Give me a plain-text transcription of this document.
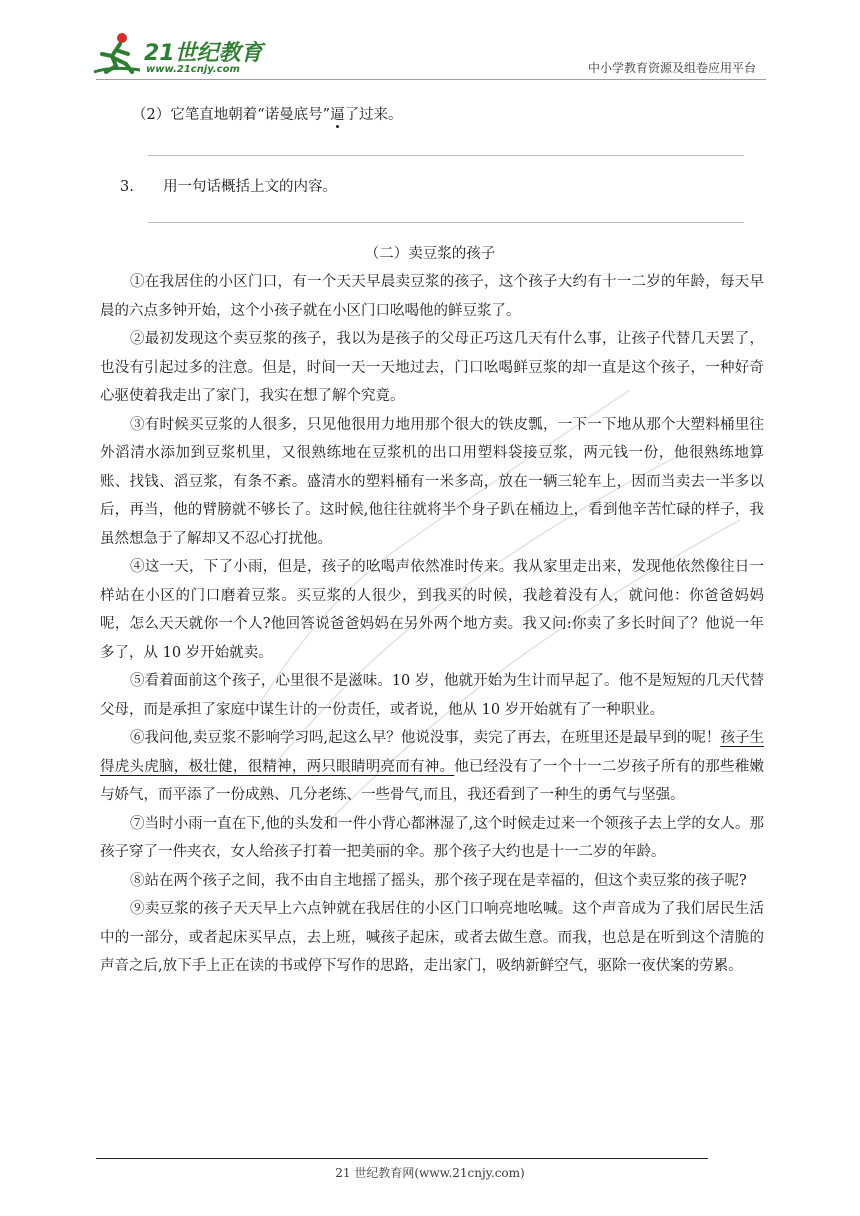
21世纪教育
www.21cnjy.com	中小学教育资源及组卷应用平台
（2）它笔直地朝着“诺曼底号”逼了过来。
3. 用一句话概括上文的内容。
（二）卖豆浆的孩子

①在我居住的小区门口，有一个天天早晨卖豆浆的孩子，这个孩子大约有十一二岁的年龄，每天早晨的六点多钟开始，这个小孩子就在小区门口吆喝他的鲜豆浆了。

②最初发现这个卖豆浆的孩子，我以为是孩子的父母正巧这几天有什么事，让孩子代替几天罢了，也没有引起过多的注意。但是，时间一天一天地过去，门口吆喝鲜豆浆的却一直是这个孩子，一种好奇心驱使着我走出了家门，我实在想了解个究竟。

③有时候买豆浆的人很多，只见他很用力地用那个很大的铁皮瓢，一下一下地从那个大塑料桶里往外滔清水添加到豆浆机里，又很熟练地在豆浆机的出口用塑料袋接豆浆，两元钱一份，他很熟练地算账、找钱、滔豆浆，有条不紊。盛清水的塑料桶有一米多高，放在一辆三轮车上，因而当卖去一半多以后，再当，他的臂膀就不够长了。这时候,他往往就将半个身子趴在桶边上，看到他辛苦忙碌的样子，我虽然想急于了解却又不忍心打扰他。

④这一天，下了小雨，但是，孩子的吆喝声依然准时传来。我从家里走出来，发现他依然像往日一样站在小区的门口磨着豆浆。买豆浆的人很少，到我买的时候，我趁着没有人，就问他：你爸爸妈妈呢，怎么天天就你一个人?他回答说爸爸妈妈在另外两个地方卖。我又问:你卖了多长时间了？他说一年多了，从 10 岁开始就卖。

⑤看着面前这个孩子，心里很不是滋味。10 岁，他就开始为生计而早起了。他不是短短的几天代替父母，而是承担了家庭中谋生计的一份责任，或者说，他从 10 岁开始就有了一种职业。

⑥我问他,卖豆浆不影响学习吗,起这么早？他说没事，卖完了再去，在班里还是最早到的呢！孩子生得虎头虎脑，极壮健，很精神，两只眼睛明亮而有神。他已经没有了一个十一二岁孩子所有的那些稚嫩与娇气，而平添了一份成熟、几分老练、一些骨气,而且，我还看到了一种生的勇气与坚强。

⑦当时小雨一直在下,他的头发和一件小背心都淋湿了,这个时候走过来一个领孩子去上学的女人。那孩子穿了一件夹衣，女人给孩子打着一把美丽的伞。那个孩子大约也是十一二岁的年龄。

⑧站在两个孩子之间，我不由自主地摇了摇头，那个孩子现在是幸福的，但这个卖豆浆的孩子呢?

⑨卖豆浆的孩子天天早上六点钟就在我居住的小区门口响亮地吆喊。这个声音成为了我们居民生活中的一部分，或者起床买早点，去上班，喊孩子起床，或者去做生意。而我，也总是在听到这个清脆的声音之后,放下手上正在读的书或停下写作的思路，走出家门，吸纳新鲜空气，驱除一夜伏案的劳累。

21 世纪教育网(www.21cnjy.com)
